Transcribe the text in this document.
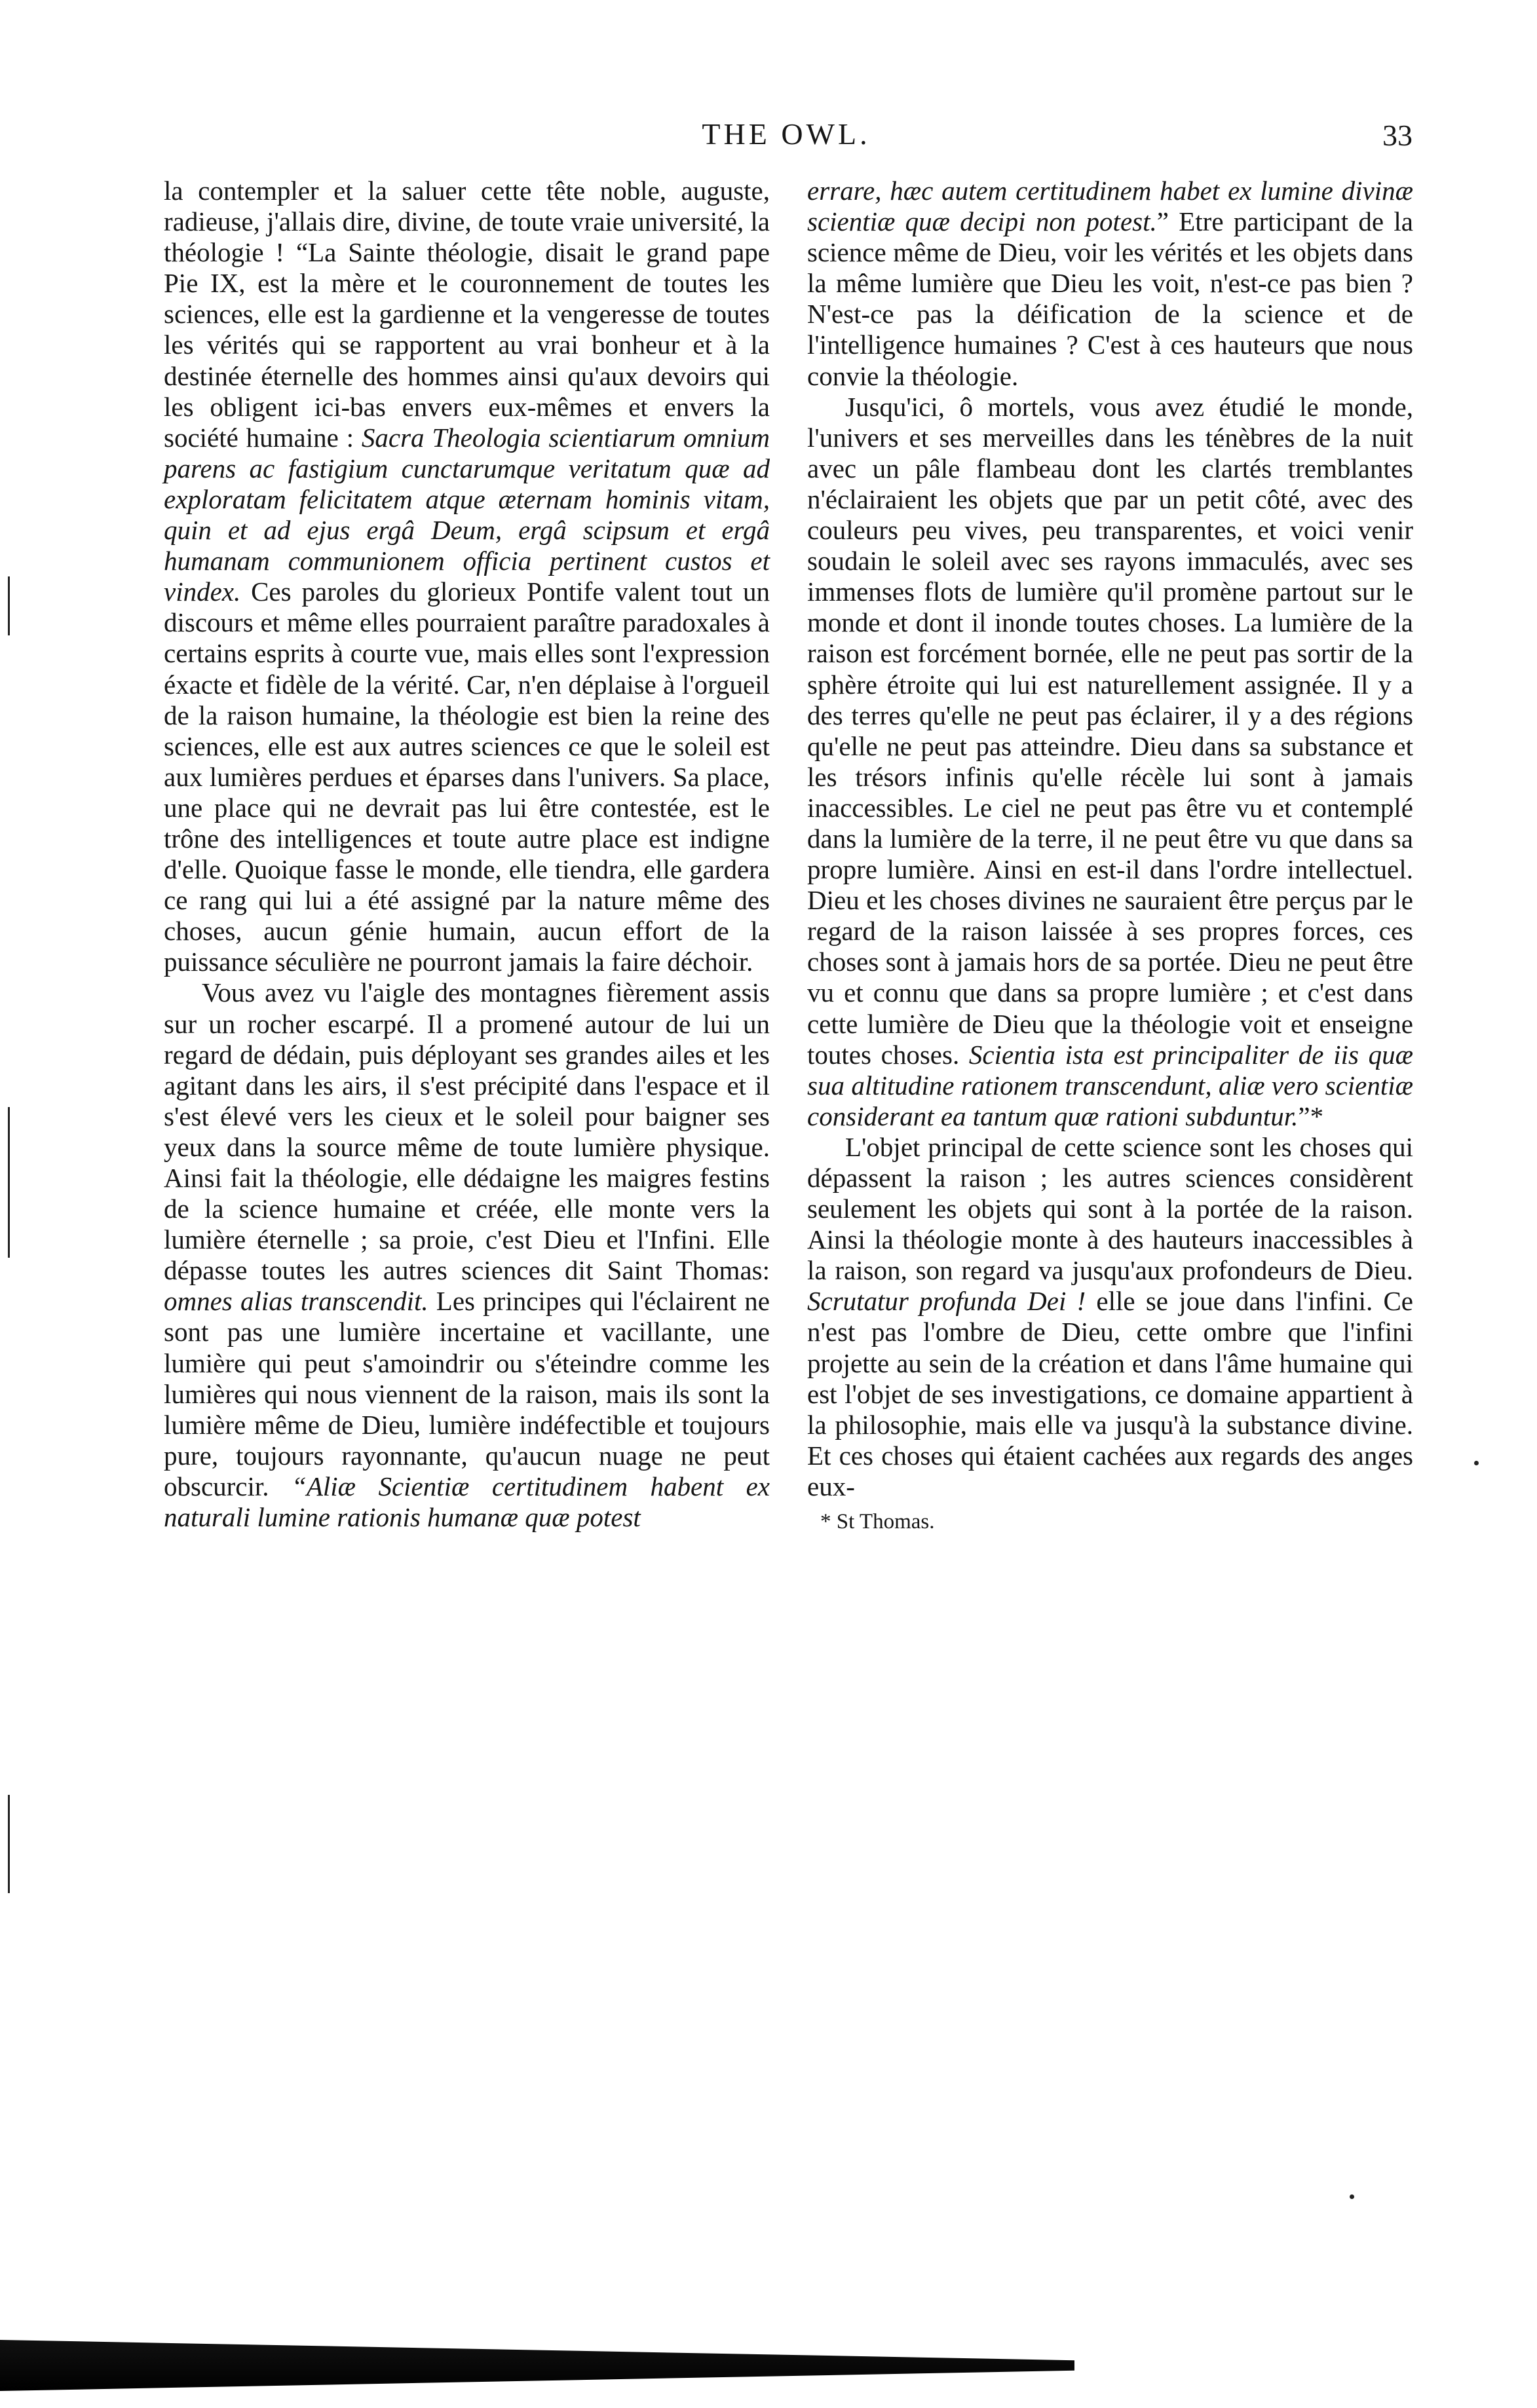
THE OWL.	33

la contempler et la saluer cette tête noble, auguste, radieuse, j'allais dire, divine, de toute vraie université, la théologie ! “La Sainte théologie, disait le grand pape Pie IX, est la mère et le couronnement de toutes les sciences, elle est la gardienne et la vengeresse de toutes les vérités qui se rapportent au vrai bonheur et à la destinée éternelle des hommes ainsi qu'aux devoirs qui les obligent ici-bas envers eux-mêmes et envers la société humaine : Sacra Theologia scientiarum omnium parens ac fastigium cunctarumque veritatum quæ ad exploratam felicitatem atque æternam hominis vitam, quin et ad ejus ergâ Deum, ergâ scipsum et ergâ humanam communionem officia pertinent custos et vindex. Ces paroles du glorieux Pontife valent tout un discours et même elles pourraient paraître paradoxales à certains esprits à courte vue, mais elles sont l'expression éxacte et fidèle de la vérité. Car, n'en déplaise à l'orgueil de la raison humaine, la théologie est bien la reine des sciences, elle est aux autres sciences ce que le soleil est aux lumières perdues et éparses dans l'univers. Sa place, une place qui ne devrait pas lui être contestée, est le trône des intelligences et toute autre place est indigne d'elle. Quoique fasse le monde, elle tiendra, elle gardera ce rang qui lui a été assigné par la nature même des choses, aucun génie humain, aucun effort de la puissance séculière ne pourront jamais la faire déchoir.

Vous avez vu l'aigle des montagnes fièrement assis sur un rocher escarpé. Il a promené autour de lui un regard de dédain, puis déployant ses grandes ailes et les agitant dans les airs, il s'est précipité dans l'espace et il s'est élevé vers les cieux et le soleil pour baigner ses yeux dans la source même de toute lumière physique. Ainsi fait la théologie, elle dédaigne les maigres festins de la science humaine et créée, elle monte vers la lumière éternelle ; sa proie, c'est Dieu et l'Infini. Elle dépasse toutes les autres sciences dit Saint Thomas: omnes alias transcendit. Les principes qui l'éclairent ne sont pas une lumière incertaine et vacillante, une lumière qui peut s'amoindrir ou s'éteindre comme les lumières qui nous viennent de la raison, mais ils sont la lumière même de Dieu, lumière indéfectible et toujours pure, toujours rayonnante, qu'aucun nuage ne peut obscurcir. “Aliæ Scientiæ certitudinem habent ex naturali lumine rationis humanæ quæ potest

errare, hæc autem certitudinem habet ex lumine divinæ scientiæ quæ decipi non potest.” Etre participant de la science même de Dieu, voir les vérités et les objets dans la même lumière que Dieu les voit, n'est-ce pas bien ? N'est-ce pas la déification de la science et de l'intelligence humaines ? C'est à ces hauteurs que nous convie la théologie.

Jusqu'ici, ô mortels, vous avez étudié le monde, l'univers et ses merveilles dans les ténèbres de la nuit avec un pâle flambeau dont les clartés tremblantes n'éclairaient les objets que par un petit côté, avec des couleurs peu vives, peu transparentes, et voici venir soudain le soleil avec ses rayons immaculés, avec ses immenses flots de lumière qu'il promène partout sur le monde et dont il inonde toutes choses. La lumière de la raison est forcément bornée, elle ne peut pas sortir de la sphère étroite qui lui est naturellement assignée. Il y a des terres qu'elle ne peut pas éclairer, il y a des régions qu'elle ne peut pas atteindre. Dieu dans sa substance et les trésors infinis qu'elle récèle lui sont à jamais inaccessibles. Le ciel ne peut pas être vu et contemplé dans la lumière de la terre, il ne peut être vu que dans sa propre lumière. Ainsi en est-il dans l'ordre intellectuel. Dieu et les choses divines ne sauraient être perçus par le regard de la raison laissée à ses propres forces, ces choses sont à jamais hors de sa portée. Dieu ne peut être vu et connu que dans sa propre lumière ; et c'est dans cette lumière de Dieu que la théologie voit et enseigne toutes choses. Scientia ista est principaliter de iis quæ sua altitudine rationem transcendunt, aliæ vero scientiæ considerant ea tantum quæ rationi subduntur.”*

L'objet principal de cette science sont les choses qui dépassent la raison ; les autres sciences considèrent seulement les objets qui sont à la portée de la raison. Ainsi la théologie monte à des hauteurs inaccessibles à la raison, son regard va jusqu'aux profondeurs de Dieu. Scrutatur profunda Dei ! elle se joue dans l'infini. Ce n'est pas l'ombre de Dieu, cette ombre que l'infini projette au sein de la création et dans l'âme humaine qui est l'objet de ses investigations, ce domaine appartient à la philosophie, mais elle va jusqu'à la substance divine. Et ces choses qui étaient cachées aux regards des anges eux-

* St Thomas.
